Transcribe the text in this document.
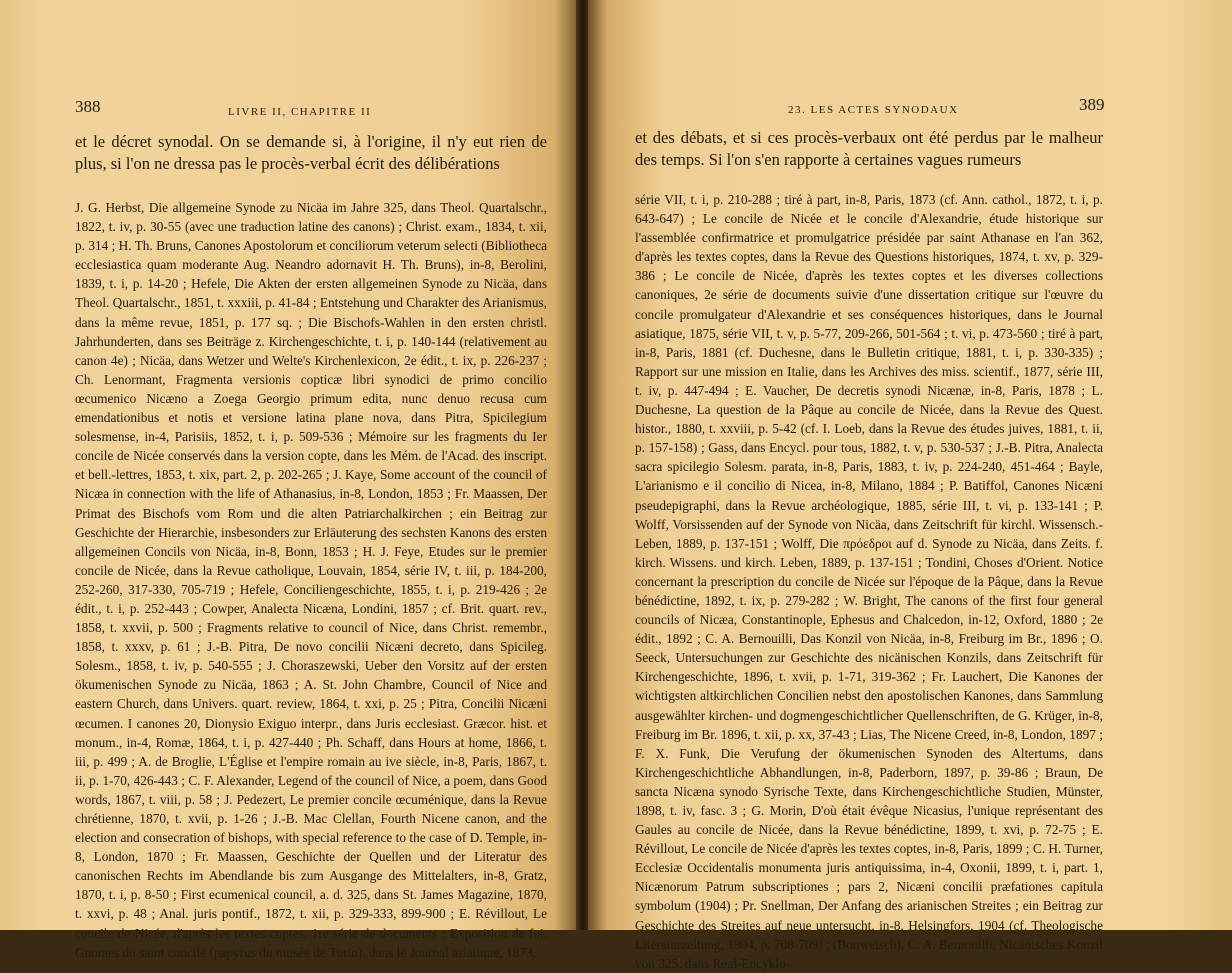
388	LIVRE II, CHAPITRE II

et le décret synodal. On se demande si, à l'origine, il n'y eut rien de plus, si l'on ne dressa pas le procès-verbal écrit des délibérations

J. G. Herbst, Die allgemeine Synode zu Nicäa im Jahre 325, dans Theol. Quartalschr., 1822, t. iv, p. 30-55 (avec une traduction latine des canons) ; Christ. exam., 1834, t. xii, p. 314 ; H. Th. Bruns, Canones Apostolorum et conciliorum veterum selecti (Bibliotheca ecclesiastica quam moderante Aug. Neandro adornavit H. Th. Bruns), in-8, Berolini, 1839, t. i, p. 14-20 ; Hefele, Die Akten der ersten allgemeinen Synode zu Nicäa, dans Theol. Quartalschr., 1851, t. xxxiii, p. 41-84 ; Entstehung und Charakter des Arianismus, dans la même revue, 1851, p. 177 sq. ; Die Bischofs-Wahlen in den ersten christl. Jahrhunderten, dans ses Beiträge z. Kirchengeschichte, t. i, p. 140-144 (relativement au canon 4e) ; Nicäa, dans Wetzer und Welte's Kirchenlexicon, 2e édit., t. ix, p. 226-237 ; Ch. Lenormant, Fragmenta versionis copticæ libri synodici de primo concilio œcumenico Nicæno a Zoega Georgio primum edita, nunc denuo recusa cum emendationibus et notis et versione latina plane nova, dans Pitra, Spicilegium solesmense, in-4, Parisiis, 1852, t. i, p. 509-536 ; Mémoire sur les fragments du Ier concile de Nicée conservés dans la version copte, dans les Mém. de l'Acad. des inscript. et bell.-lettres, 1853, t. xix, part. 2, p. 202-265 ; J. Kaye, Some account of the council of Nicæa in connection with the life of Athanasius, in-8, London, 1853 ; Fr. Maassen, Der Primat des Bischofs vom Rom und die alten Patriarchalkirchen ; ein Beitrag zur Geschichte der Hierarchie, insbesonders zur Erläuterung des sechsten Kanons des ersten allgemeinen Concils von Nicäa, in-8, Bonn, 1853 ; H. J. Feye, Etudes sur le premier concile de Nicée, dans la Revue catholique, Louvain, 1854, série IV, t. iii, p. 184-200, 252-260, 317-330, 705-719 ; Hefele, Conciliengeschichte, 1855, t. i, p. 219-426 ; 2e édit., t. i, p. 252-443 ; Cowper, Analecta Nicæna, Londini, 1857 ; cf. Brit. quart. rev., 1858, t. xxvii, p. 500 ; Fragments relative to council of Nice, dans Christ. remembr., 1858, t. xxxv, p. 61 ; J.-B. Pitra, De novo concilii Nicæni decreto, dans Spicileg. Solesm., 1858, t. iv, p. 540-555 ; J. Choraszewski, Ueber den Vorsitz auf der ersten ökumenischen Synode zu Nicäa, 1863 ; A. St. John Chambre, Council of Nice and eastern Church, dans Univers. quart. review, 1864, t. xxi, p. 25 ; Pitra, Concilii Nicæni œcumen. I canones 20, Dionysio Exiguo interpr., dans Juris ecclesiast. Græcor. hist. et monum., in-4, Romæ, 1864, t. i, p. 427-440 ; Ph. Schaff, dans Hours at home, 1866, t. iii, p. 499 ; A. de Broglie, L'Église et l'empire romain au ive siècle, in-8, Paris, 1867, t. ii, p. 1-70, 426-443 ; C. F. Alexander, Legend of the council of Nice, a poem, dans Good words, 1867, t. viii, p. 58 ; J. Pedezert, Le premier concile œcuménique, dans la Revue chrétienne, 1870, t. xvii, p. 1-26 ; J.-B. Mac Clellan, Fourth Nicene canon, and the election and consecration of bishops, with special reference to the case of D. Temple, in-8, London, 1870 ; Fr. Maassen, Geschichte der Quellen und der Literatur des canonischen Rechts im Abendlande bis zum Ausgange des Mittelalters, in-8, Gratz, 1870, t. i, p. 8-50 ; First ecumenical council, a. d. 325, dans St. James Magazine, 1870, t. xxvi, p. 48 ; Anal. juris pontif., 1872, t. xii, p. 329-333, 899-900 ; E. Révillout, Le concile de Nicée, d'après les textes coptes, 1re série de documents : Exposition de foi. Gnomes du saint concile (papyrus du musée de Turin), dans le Journal asiatique, 1873,

23. LES ACTES SYNODAUX	389

et des débats, et si ces procès-verbaux ont été perdus par le malheur des temps. Si l'on s'en rapporte à certaines vagues rumeurs

série VII, t. i, p. 210-288 ; tiré à part, in-8, Paris, 1873 (cf. Ann. cathol., 1872, t. i, p. 643-647) ; Le concile de Nicée et le concile d'Alexandrie, étude historique sur l'assemblée confirmatrice et promulgatrice présidée par saint Athanase en l'an 362, d'après les textes coptes, dans la Revue des Questions historiques, 1874, t. xv, p. 329-386 ; Le concile de Nicée, d'après les textes coptes et les diverses collections canoniques, 2e série de documents suivie d'une dissertation critique sur l'œuvre du concile promulgateur d'Alexandrie et ses conséquences historiques, dans le Journal asiatique, 1875, série VII, t. v, p. 5-77, 209-266, 501-564 ; t. vi, p. 473-560 ; tiré à part, in-8, Paris, 1881 (cf. Duchesne, dans le Bulletin critique, 1881, t. i, p. 330-335) ; Rapport sur une mission en Italie, dans les Archives des miss. scientif., 1877, série III, t. iv, p. 447-494 ; E. Vaucher, De decretis synodi Nicænæ, in-8, Paris, 1878 ; L. Duchesne, La question de la Pâque au concile de Nicée, dans la Revue des Quest. histor., 1880, t. xxviii, p. 5-42 (cf. I. Loeb, dans la Revue des études juives, 1881, t. ii, p. 157-158) ; Gass, dans Encycl. pour tous, 1882, t. v, p. 530-537 ; J.-B. Pitra, Analecta sacra spicilegio Solesm. parata, in-8, Paris, 1883, t. iv, p. 224-240, 451-464 ; Bayle, L'arianismo e il concilio di Nicea, in-8, Milano, 1884 ; P. Batiffol, Canones Nicæni pseudepigraphi, dans la Revue archéologique, 1885, série III, t. vi, p. 133-141 ; P. Wolff, Vorsissenden auf der Synode von Nicäa, dans Zeitschrift für kirchl. Wissensch.-Leben, 1889, p. 137-151 ; Wolff, Die πρόεδροι auf d. Synode zu Nicäa, dans Zeits. f. kirch. Wissens. und kirch. Leben, 1889, p. 137-151 ; Tondini, Choses d'Orient. Notice concernant la prescription du concile de Nicée sur l'époque de la Pâque, dans la Revue bénédictine, 1892, t. ix, p. 279-282 ; W. Bright, The canons of the first four general councils of Nicæa, Constantinople, Ephesus and Chalcedon, in-12, Oxford, 1880 ; 2e édit., 1892 ; C. A. Bernouilli, Das Konzil von Nicäa, in-8, Freiburg im Br., 1896 ; O. Seeck, Untersuchungen zur Geschichte des nicänischen Konzils, dans Zeitschrift für Kirchengeschichte, 1896, t. xvii, p. 1-71, 319-362 ; Fr. Lauchert, Die Kanones der wichtigsten altkirchlichen Concilien nebst den apostolischen Kanones, dans Sammlung ausgewählter kirchen- und dogmengeschichtlicher Quellenschriften, de G. Krüger, in-8, Freiburg im Br. 1896, t. xii, p. xx, 37-43 ; Lias, The Nicene Creed, in-8, London, 1897 ; F. X. Funk, Die Verufung der ökumenischen Synoden des Altertums, dans Kirchengeschichtliche Abhandlungen, in-8, Paderborn, 1897, p. 39-86 ; Braun, De sancta Nicæna synodo Syrische Texte, dans Kirchengeschichtliche Studien, Münster, 1898, t. iv, fasc. 3 ; G. Morin, D'où était évêque Nicasius, l'unique représentant des Gaules au concile de Nicée, dans la Revue bénédictine, 1899, t. xvi, p. 72-75 ; E. Révillout, Le concile de Nicée d'après les textes coptes, in-8, Paris, 1899 ; C. H. Turner, Ecclesiæ Occidentalis monumenta juris antiquissima, in-4, Oxonii, 1899, t. i, part. 1, Nicænorum Patrum subscriptiones ; pars 2, Nicæni concilii præfationes capitula symbolum (1904) ; Pr. Snellman, Der Anfang des arianischen Streites ; ein Beitrag zur Geschichte des Streites auf neue untersucht, in-8, Helsingfors, 1904 (cf. Theologische Literaturzeitung, 1904, p. 708-709) ; (Bonwetsch), C. A. Bernouilli, Nicänisches Konzil von 325, dans Real-Encyklo-
